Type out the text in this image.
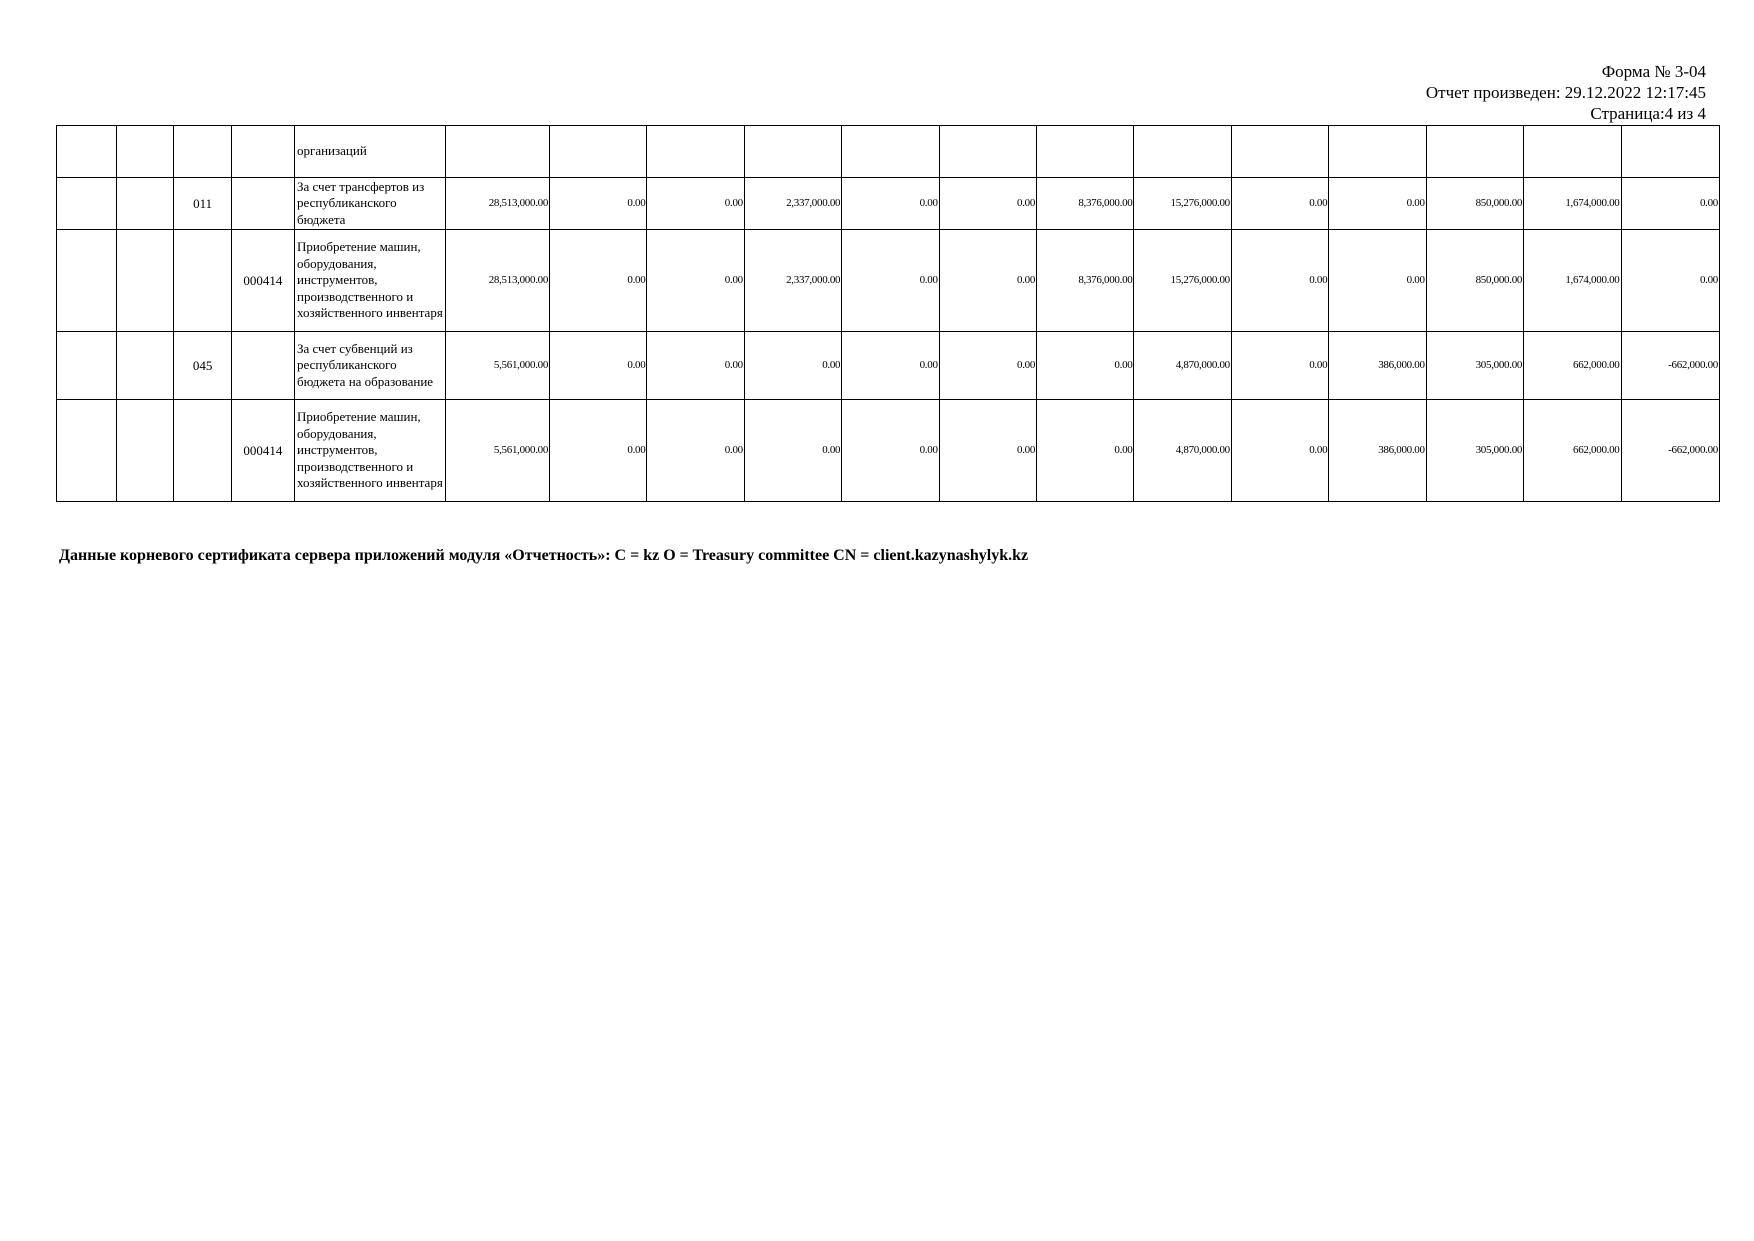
Форма № 3-04
Отчет произведен: 29.12.2022 12:17:45
Страница:4 из 4
				организаций													
		011		За счет трансфертов из республиканского бюджета	28,513,000.00	0.00	0.00	2,337,000.00	0.00	0.00	8,376,000.00	15,276,000.00	0.00	0.00	850,000.00	1,674,000.00	0.00
			000414	Приобретение машин, оборудования, инструментов, производственного и хозяйственного инвентаря	28,513,000.00	0.00	0.00	2,337,000.00	0.00	0.00	8,376,000.00	15,276,000.00	0.00	0.00	850,000.00	1,674,000.00	0.00
		045		За счет субвенций из республиканского бюджета на образование	5,561,000.00	0.00	0.00	0.00	0.00	0.00	0.00	4,870,000.00	0.00	386,000.00	305,000.00	662,000.00	-662,000.00
			000414	Приобретение машин, оборудования, инструментов, производственного и хозяйственного инвентаря	5,561,000.00	0.00	0.00	0.00	0.00	0.00	0.00	4,870,000.00	0.00	386,000.00	305,000.00	662,000.00	-662,000.00
Данные корневого сертификата сервера приложений модуля «Отчетность»: C = kz O = Treasury committee CN = client.kazynashylyk.kz
